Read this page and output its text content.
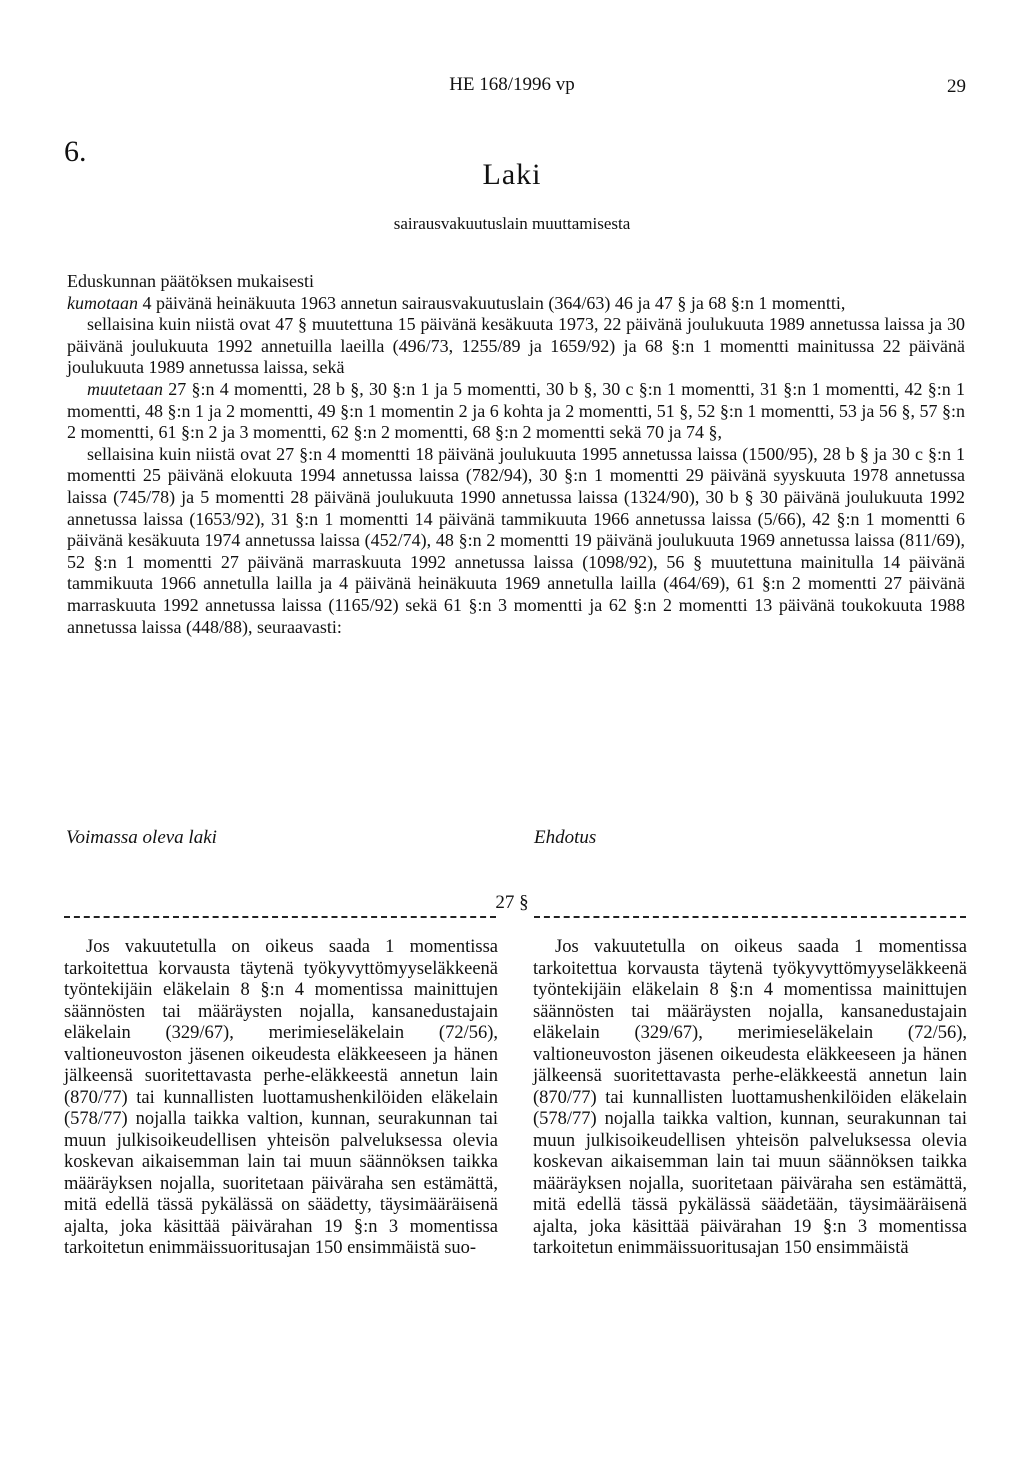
HE 168/1996 vp	29
6.
Laki
sairausvakuutuslain muuttamisesta

Eduskunnan päätöksen mukaisesti

kumotaan 4 päivänä heinäkuuta 1963 annetun sairausvakuutuslain (364/63) 46 ja 47 § ja 68 §:n 1 momentti,

sellaisina kuin niistä ovat 47 § muutettuna 15 päivänä kesäkuuta 1973, 22 päivänä joulukuuta 1989 annetussa laissa ja 30 päivänä joulukuuta 1992 annetuilla laeilla (496/73, 1255/89 ja 1659/92) ja 68 §:n 1 momentti mainitussa 22 päivänä joulukuuta 1989 annetussa laissa, sekä

muutetaan 27 §:n 4 momentti, 28 b §, 30 §:n 1 ja 5 momentti, 30 b §, 30 c §:n 1 momentti, 31 §:n 1 momentti, 42 §:n 1 momentti, 48 §:n 1 ja 2 momentti, 49 §:n 1 momentin 2 ja 6 kohta ja 2 momentti, 51 §, 52 §:n 1 momentti, 53 ja 56 §, 57 §:n 2 momentti, 61 §:n 2 ja 3 momentti, 62 §:n 2 momentti, 68 §:n 2 momentti sekä 70 ja 74 §,

sellaisina kuin niistä ovat 27 §:n 4 momentti 18 päivänä joulukuuta 1995 annetussa laissa (1500/95), 28 b § ja 30 c §:n 1 momentti 25 päivänä elokuuta 1994 annetussa laissa (782/94), 30 §:n 1 momentti 29 päivänä syyskuuta 1978 annetussa laissa (745/78) ja 5 momentti 28 päivänä joulukuuta 1990 annetussa laissa (1324/90), 30 b § 30 päivänä joulukuuta 1992 annetussa laissa (1653/92), 31 §:n 1 momentti 14 päivänä tammikuuta 1966 annetussa laissa (5/66), 42 §:n 1 momentti 6 päivänä kesäkuuta 1974 annetussa laissa (452/74), 48 §:n 2 momentti 19 päivänä joulukuuta 1969 annetussa laissa (811/69), 52 §:n 1 momentti 27 päivänä marraskuuta 1992 annetussa laissa (1098/92), 56 § muutettuna mainitulla 14 päivänä tammikuuta 1966 annetulla lailla ja 4 päivänä heinäkuuta 1969 annetulla lailla (464/69), 61 §:n 2 momentti 27 päivänä marraskuuta 1992 annetussa laissa (1165/92) sekä 61 §:n 3 momentti ja 62 §:n 2 momentti 13 päivänä toukokuuta 1988 annetussa laissa (448/88), seuraavasti:

Voimassa oleva laki	Ehdotus
27 §

Jos vakuutetulla on oikeus saada 1 momentissa tarkoitettua korvausta täytenä työkyvyttömyyseläkkeenä työntekijäin eläkelain 8 §:n 4 momentissa mainittujen säännösten tai määräysten nojalla, kansanedustajain eläkelain (329/67), merimieseläkelain (72/56), valtioneuvoston jäsenen oikeudesta eläkkeeseen ja hänen jälkeensä suoritettavasta perhe-eläkkeestä annetun lain (870/77) tai kunnallisten luottamushenkilöiden eläkelain (578/77) nojalla taikka valtion, kunnan, seurakunnan tai muun julkisoikeudellisen yhteisön palveluksessa olevia koskevan aikaisemman lain tai muun säännöksen taikka määräyksen nojalla, suoritetaan päiväraha sen estämättä, mitä edellä tässä pykälässä on säädetty, täysimääräisenä ajalta, joka käsittää päivärahan 19 §:n 3 momentissa tarkoitetun enimmäissuoritusajan 150 ensimmäistä suo-

Jos vakuutetulla on oikeus saada 1 momentissa tarkoitettua korvausta täytenä työkyvyttömyyseläkkeenä työntekijäin eläkelain 8 §:n 4 momentissa mainittujen säännösten tai määräysten nojalla, kansanedustajain eläkelain (329/67), merimieseläkelain (72/56), valtioneuvoston jäsenen oikeudesta eläkkeeseen ja hänen jälkeensä suoritettavasta perhe-eläkkeestä annetun lain (870/77) tai kunnallisten luottamushenkilöiden eläkelain (578/77) nojalla taikka valtion, kunnan, seurakunnan tai muun julkisoikeudellisen yhteisön palveluksessa olevia koskevan aikaisemman lain tai muun säännöksen taikka määräyksen nojalla, suoritetaan päiväraha sen estämättä, mitä edellä tässä pykälässä säädetään, täysimääräisenä ajalta, joka käsittää päivärahan 19 §:n 3 momentissa tarkoitetun enimmäissuoritusajan 150 ensimmäistä
